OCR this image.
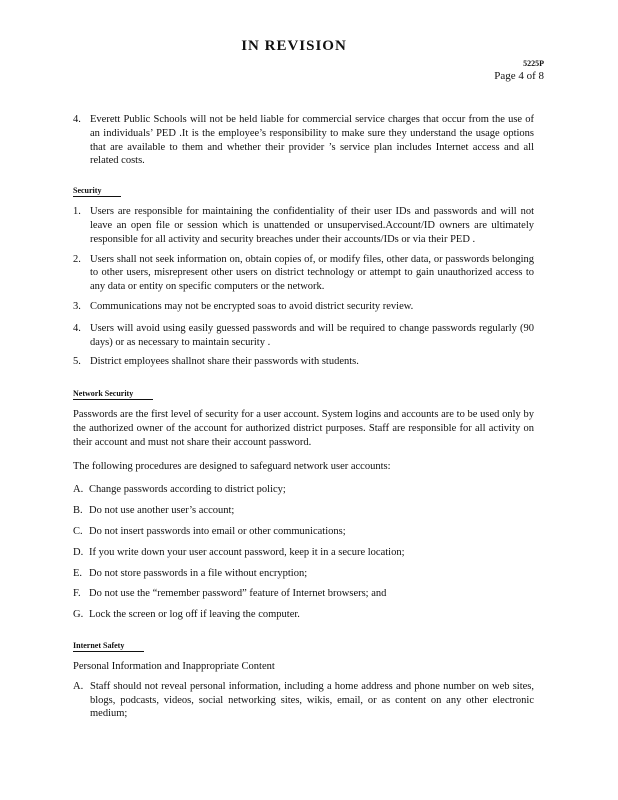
IN REVISION
5225P
Page 4 of 8
4. Everett Public Schools will not be held liable for commercial service charges that occur from the use of an individuals’ PED .It is the employee’s responsibility to make sure they understand the usage options that are available to them and whether their provider ’s service plan includes Internet access and all related costs.
Security
1. Users are responsible for maintaining the confidentiality of their user IDs and passwords and will not leave an open file or session which is unattended or unsupervised.Account/ID owners are ultimately responsible for all activity and security breaches under their accounts/IDs or via their PED .
2. Users shall not seek information on, obtain copies of, or modify files, other data, or passwords belonging to other users, misrepresent other users on district technology or attempt to gain unauthorized access to any data or entity on specific computers or the network.
3. Communications may not be encrypted soas to avoid district security review.
4. Users will avoid using easily guessed passwords and will be required to change passwords regularly (90 days) or as necessary to maintain security .
5. District employees shallnot share their passwords with students.
Network Security
Passwords are the first level of security for a user account. System logins and accounts are to be used only by the authorized owner of the account for authorized district purposes. Staff are responsible for all activity on their account and must not share their account password.
The following procedures are designed to safeguard network user accounts:
A. Change passwords according to district policy;
B. Do not use another user’s account;
C. Do not insert passwords into email or other communications;
D. If you write down your user account password, keep it in a secure location;
E. Do not store passwords in a file without encryption;
F. Do not use the “remember password” feature of Internet browsers; and
G. Lock the screen or log off if leaving the computer.
Internet Safety
Personal Information and Inappropriate Content
A. Staff should not reveal personal information, including a home address and phone number on web sites, blogs, podcasts, videos, social networking sites, wikis, email, or as content on any other electronic medium;
